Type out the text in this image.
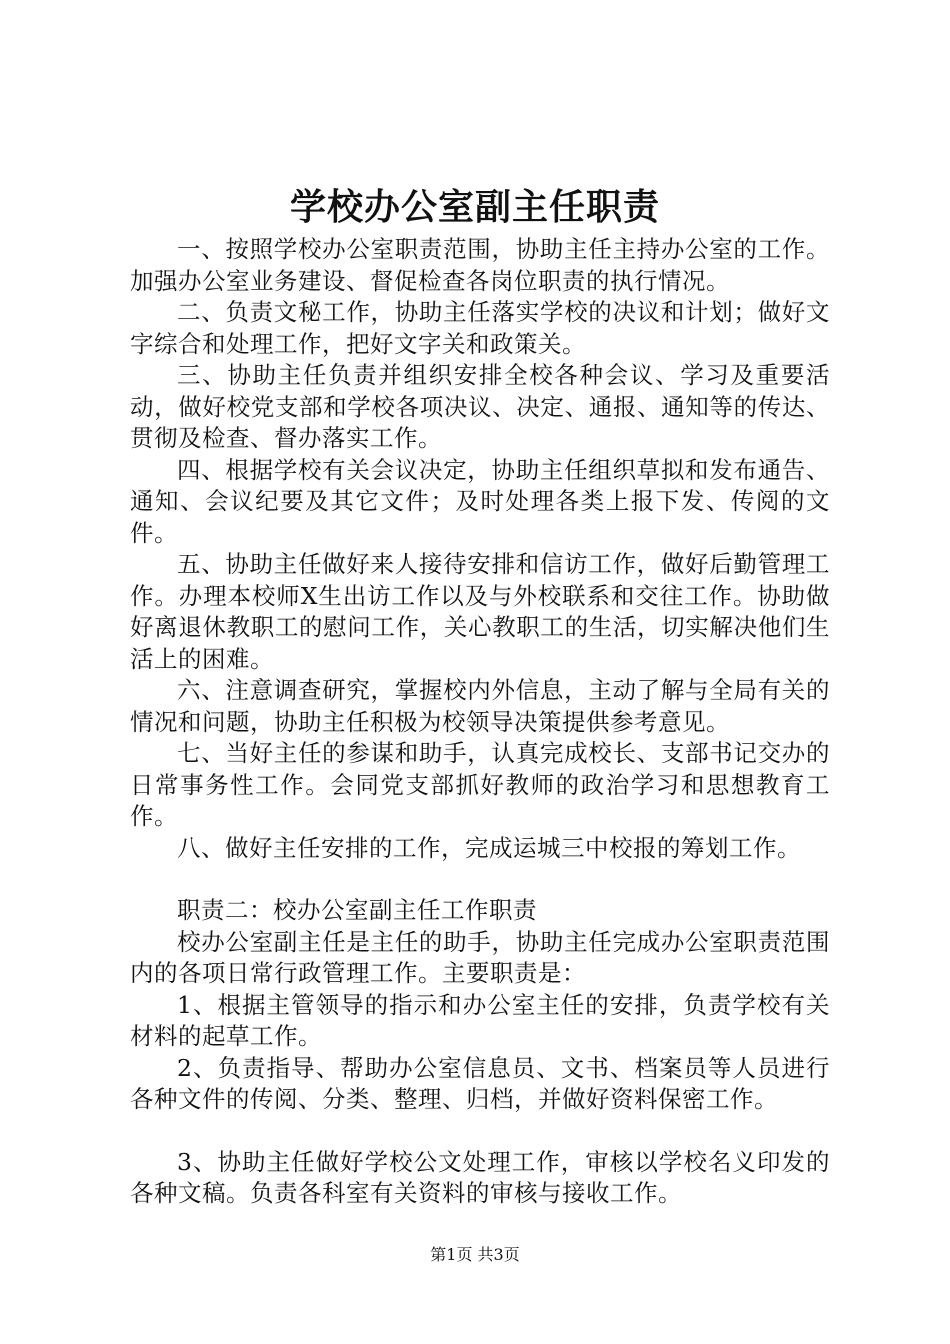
学校办公室副主任职责

一、按照学校办公室职责范围，协助主任主持办公室的工作。加强办公室业务建设、督促检查各岗位职责的执行情况。

二、负责文秘工作，协助主任落实学校的决议和计划；做好文字综合和处理工作，把好文字关和政策关。

三、协助主任负责并组织安排全校各种会议、学习及重要活动，做好校党支部和学校各项决议、决定、通报、通知等的传达、贯彻及检查、督办落实工作。

四、根据学校有关会议决定，协助主任组织草拟和发布通告、通知、会议纪要及其它文件；及时处理各类上报下发、传阅的文件。

五、协助主任做好来人接待安排和信访工作，做好后勤管理工作。办理本校师X生出访工作以及与外校联系和交往工作。协助做好离退休教职工的慰问工作，关心教职工的生活，切实解决他们生活上的困难。

六、注意调查研究，掌握校内外信息，主动了解与全局有关的情况和问题，协助主任积极为校领导决策提供参考意见。

七、当好主任的参谋和助手，认真完成校长、支部书记交办的日常事务性工作。会同党支部抓好教师的政治学习和思想教育工作。

八、做好主任安排的工作，完成运城三中校报的筹划工作。

职责二：校办公室副主任工作职责

校办公室副主任是主任的助手，协助主任完成办公室职责范围内的各项日常行政管理工作。主要职责是：

1、根据主管领导的指示和办公室主任的安排，负责学校有关材料的起草工作。

2、负责指导、帮助办公室信息员、文书、档案员等人员进行各种文件的传阅、分类、整理、归档，并做好资料保密工作。

3、协助主任做好学校公文处理工作，审核以学校名义印发的各种文稿。负责各科室有关资料的审核与接收工作。

第1页 共3页
